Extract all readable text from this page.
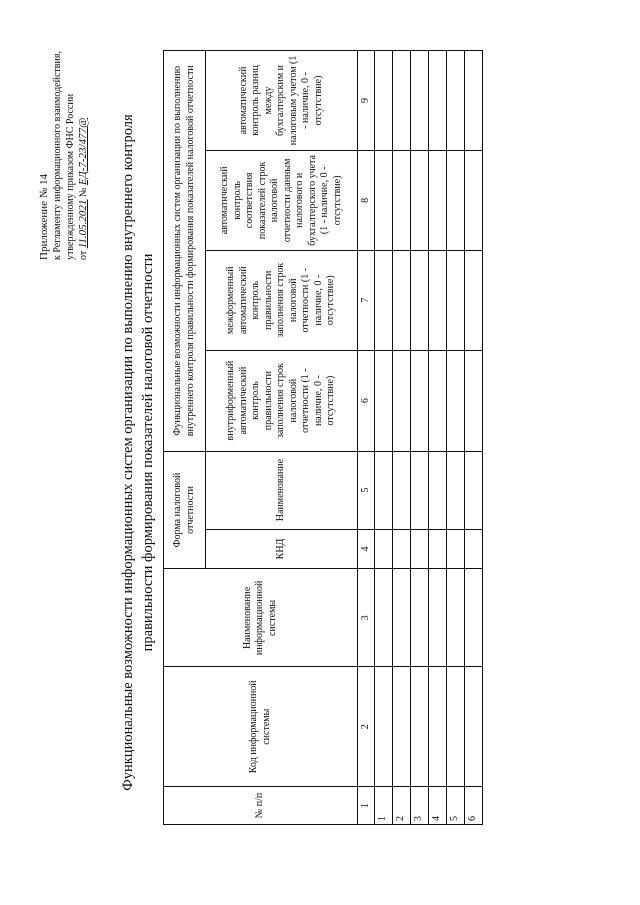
Приложение № 14 к Регламенту информационного взаимодействия, утвержденному приказом ФНС России от 11.05.2021 № ЕД-7-23/477@ Функциональные возможности информационных систем организации по выполнению внутреннего контроля правильности формирования показателей налоговой отчетности
№ п/п	Код информационной системы	Наименование информационной системы	Форма налоговой отчетности		Функциональные возможности информационных систем организации по выполнению внутреннего контроля правильности формирования показателей налоговой отчетности			
			КНД	Наименование	внутриформенный автоматический контроль правильности заполнения строк налоговой отчетности (1 - наличие, 0 - отсутствие)	межформенный автоматический контроль правильности заполнения строк налоговой отчетности (1 - наличие, 0 - отсутствие)	автоматический контроль соответствия показателей строк налоговой отчетности данным налогового и бухгалтерского учета (1 - наличие, 0 - отсутствие)	автоматический контроль разниц между бухгалтерским и налоговым учетом (1 - наличие, 0 - отсутствие)
1	2	3	4	5	6	7	8	9
1								
2								
3								
4								
5								
6								
